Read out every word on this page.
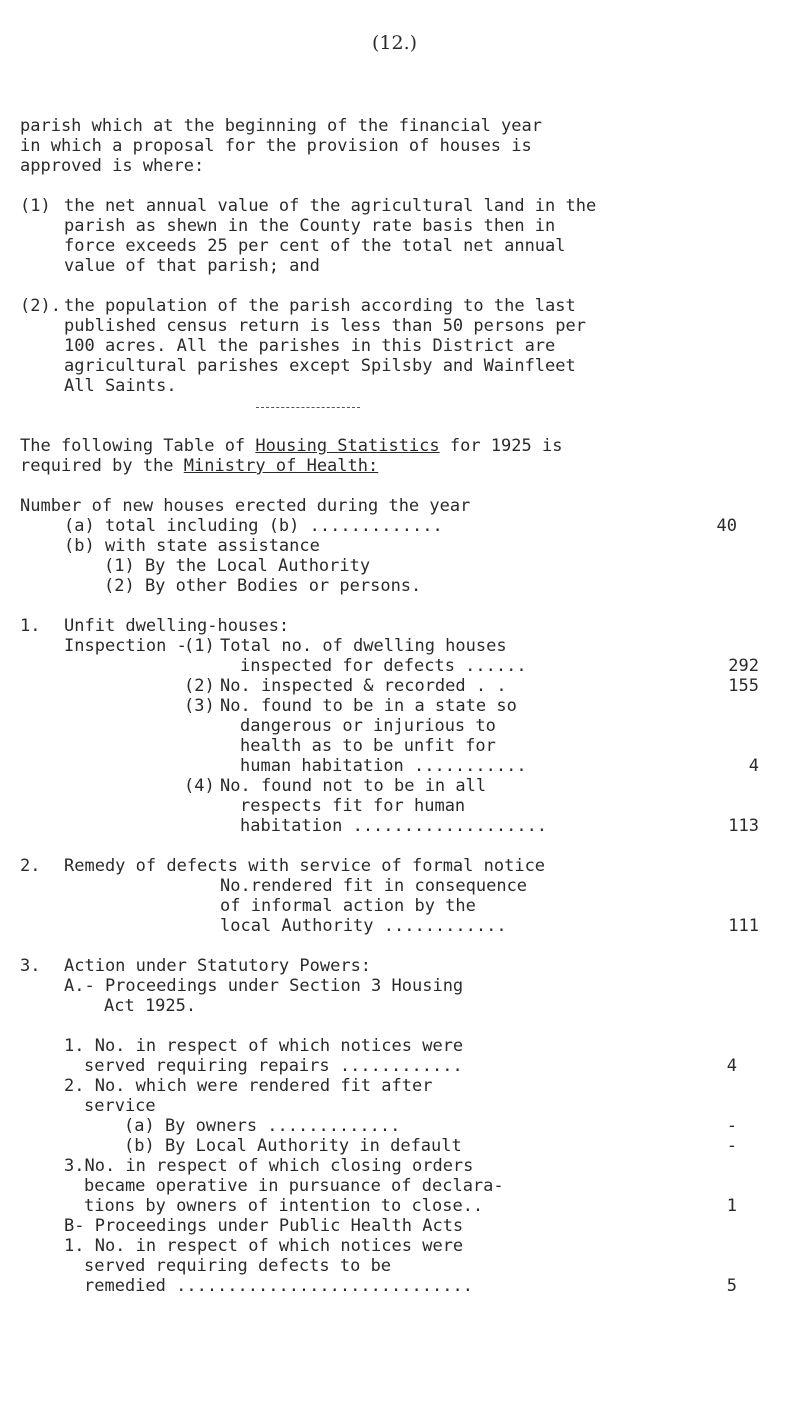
(12.)
parish which at the beginning of the financial year
in which a proposal for the provision of houses is
approved is where:
(1) the net annual value of the agricultural land in the
parish as shewn in the County rate basis then in
force exceeds 25 per cent of the total net annual
value of that parish; and
(2). the population of the parish according to the last
published census return is less than 50 persons per
100 acres. All the parishes in this District are
agricultural parishes except Spilsby and Wainfleet
All Saints.
The following Table of Housing Statistics for 1925 is
required by the Ministry of Health:
Number of new houses erected during the year
(a) total including (b) .............	40
(b) with state assistance
(1) By the Local Authority
(2) By other Bodies or persons.
1. Unfit dwelling-houses:
Inspection -
(1) Total no. of dwelling houses
inspected for defects ......	292
(2) No. inspected & recorded . .	155
(3) No. found to be in a state so
dangerous or injurious to
health as to be unfit for
human habitation ...........	4
(4) No. found not to be in all
respects fit for human
habitation ...................	113
2. Remedy of defects with service of formal notice
No.rendered fit in consequence
of informal action by the
local Authority ............	111
3. Action under Statutory Powers:
A.- Proceedings under Section 3 Housing
Act 1925.
1. No. in respect of which notices were
served requiring repairs ............	4
2. No. which were rendered fit after
service
(a) By owners .............	-
(b) By Local Authority in default	-
3.No. in respect of which closing orders
became operative in pursuance of declara-
tions by owners of intention to close..	1
B- Proceedings under Public Health Acts
1. No. in respect of which notices were
served requiring defects to be
remedied .............................	5
